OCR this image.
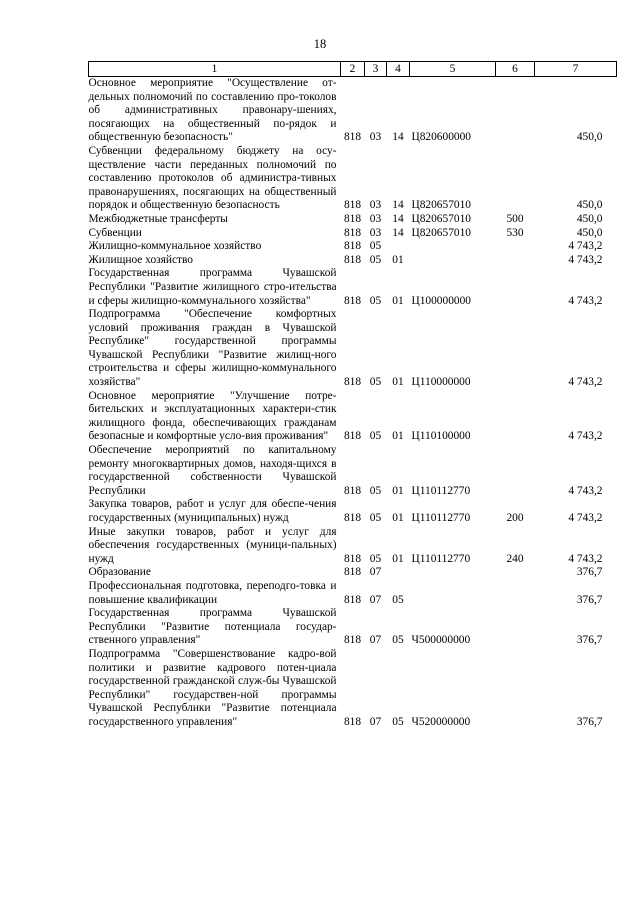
18
1	2	3	4	5	6	7
Основное мероприятие "Осуществление от-дельных полномочий по составлению про-токолов об административных правонару-шениях, посягающих на общественный по-рядок и общественную безопасность"	818	03	14	Ц820600000		450,0
Субвенции федеральному бюджету на осу-ществление части переданных полномочий по составлению протоколов об администра-тивных правонарушениях, посягающих на общественный порядок и общественную безопасность	818	03	14	Ц820657010		450,0
Межбюджетные трансферты	818	03	14	Ц820657010	500	450,0
Субвенции	818	03	14	Ц820657010	530	450,0
Жилищно-коммунальное хозяйство	818	05				4 743,2
Жилищное хозяйство	818	05	01			4 743,2
Государственная программа Чувашской Республики "Развитие жилищного стро-ительства и сферы жилищно-коммунального хозяйства"	818	05	01	Ц100000000		4 743,2
Подпрограмма "Обеспечение комфортных условий проживания граждан в Чувашской Республике" государственной программы Чувашской Республики "Развитие жилищ-ного строительства и сферы жилищно-коммунального хозяйства"	818	05	01	Ц110000000		4 743,2
Основное мероприятие "Улучшение потре-бительских и эксплуатационных характери-стик жилищного фонда, обеспечивающих гражданам безопасные и комфортные усло-вия проживания"	818	05	01	Ц110100000		4 743,2
Обеспечение мероприятий по капитальному ремонту многоквартирных домов, находя-щихся в государственной собственности Чувашской Республики	818	05	01	Ц110112770		4 743,2
Закупка товаров, работ и услуг для обеспе-чения государственных (муниципальных) нужд	818	05	01	Ц110112770	200	4 743,2
Иные закупки товаров, работ и услуг для обеспечения государственных (муници-пальных) нужд	818	05	01	Ц110112770	240	4 743,2
Образование	818	07				376,7
Профессиональная подготовка, переподго-товка и повышение квалификации	818	07	05			376,7
Государственная программа Чувашской Республики "Развитие потенциала государ-ственного управления"	818	07	05	Ч500000000		376,7
Подпрограмма "Совершенствование кадро-вой политики и развитие кадрового потен-циала государственной гражданской служ-бы Чувашской Республики" государствен-ной программы Чувашской Республики "Развитие потенциала государственного управления"	818	07	05	Ч520000000		376,7
